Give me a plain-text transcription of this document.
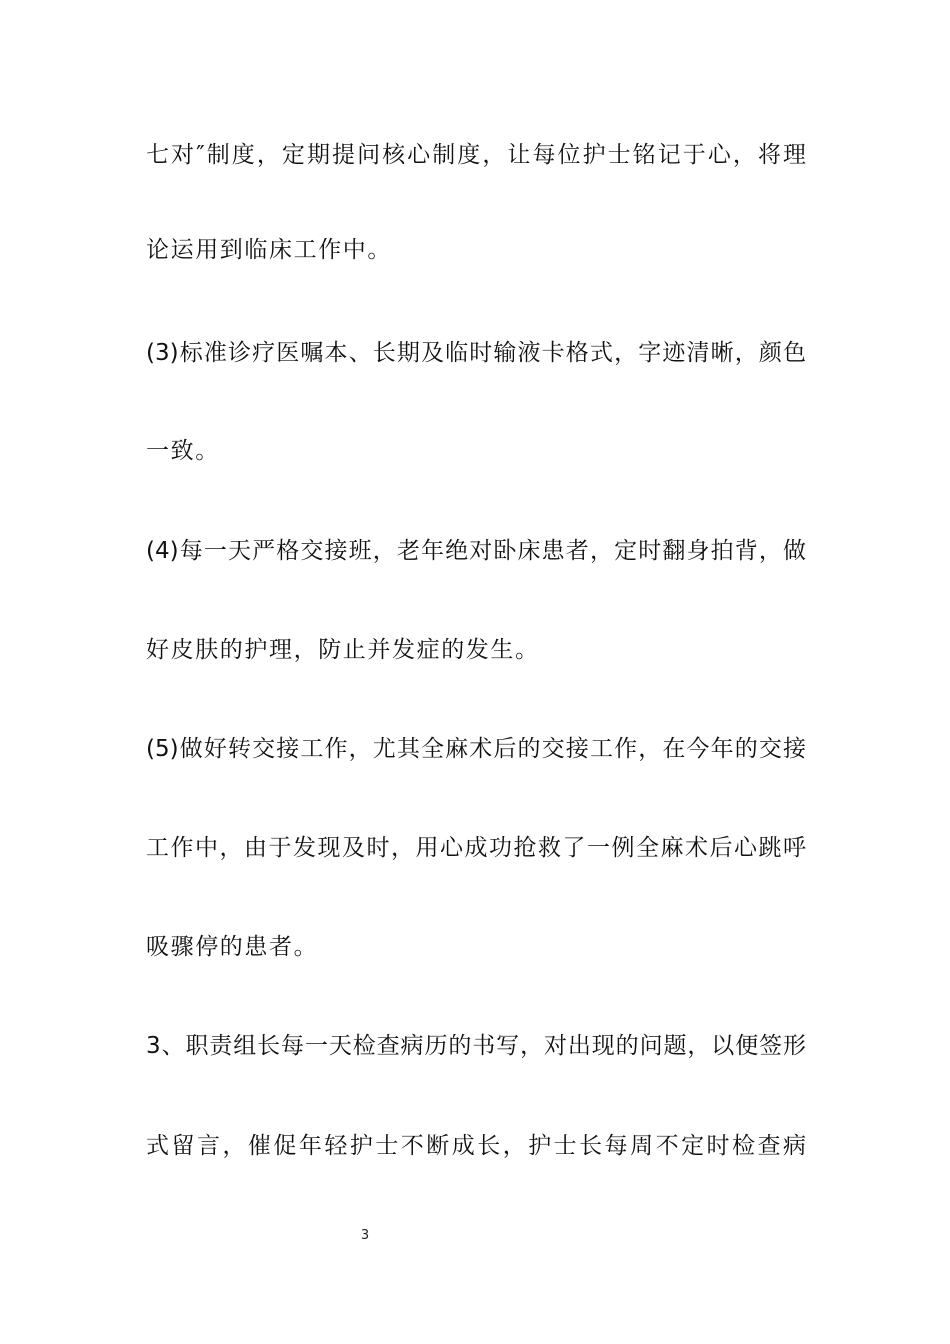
七对″制度，定期提问核心制度，让每位护士铭记于心，将理
论运用到临床工作中。
(3)标准诊疗医嘱本、长期及临时输液卡格式，字迹清晰，颜色
一致。
(4)每一天严格交接班，老年绝对卧床患者，定时翻身拍背，做
好皮肤的护理，防止并发症的发生。
(5)做好转交接工作，尤其全麻术后的交接工作，在今年的交接
工作中，由于发现及时，用心成功抢救了一例全麻术后心跳呼
吸骤停的患者。
3、职责组长每一天检查病历的书写，对出现的问题，以便签形
式留言，催促年轻护士不断成长，护士长每周不定时检查病
3
